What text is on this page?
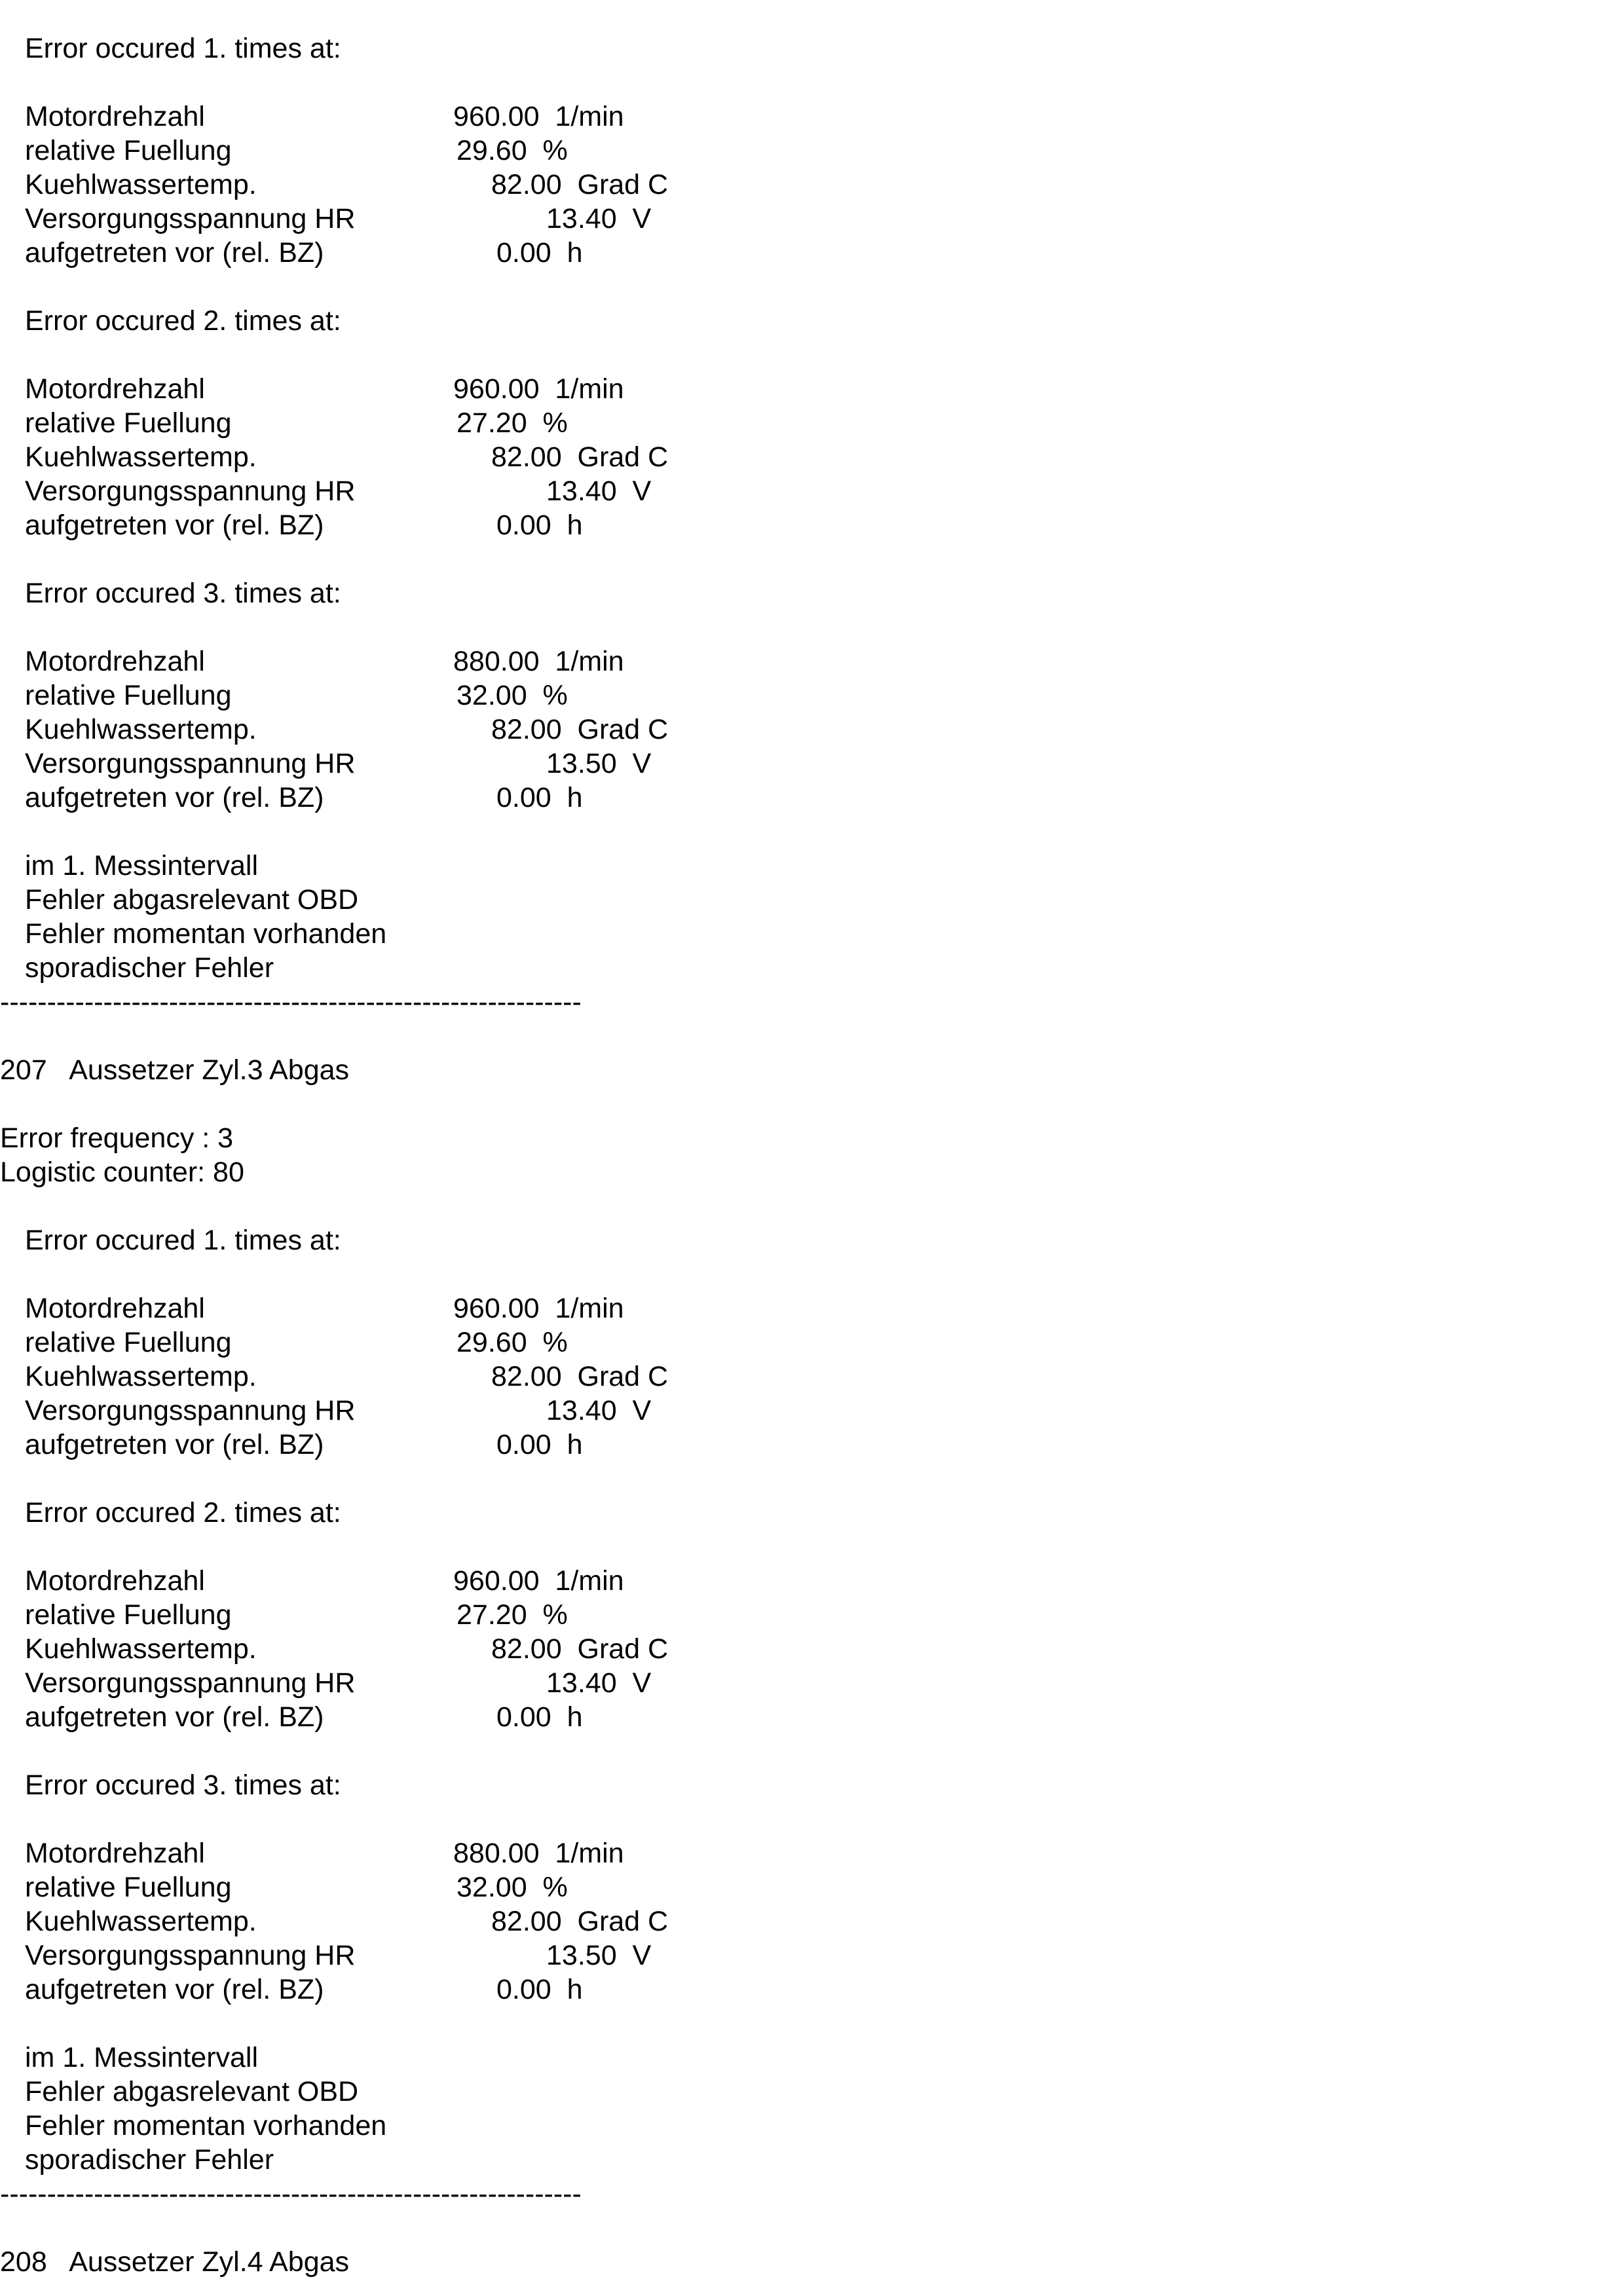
Error occured 1. times at:
Motordrehzahl	960.00  1/min
relative Fuellung	29.60  %
Kuehlwassertemp.	82.00  Grad C
Versorgungsspannung HR	13.40  V
aufgetreten vor (rel. BZ)	0.00  h
Error occured 2. times at:
Motordrehzahl	960.00  1/min
relative Fuellung	27.20  %
Kuehlwassertemp.	82.00  Grad C
Versorgungsspannung HR	13.40  V
aufgetreten vor (rel. BZ)	0.00  h
Error occured 3. times at:
Motordrehzahl	880.00  1/min
relative Fuellung	32.00  %
Kuehlwassertemp.	82.00  Grad C
Versorgungsspannung HR	13.50  V
aufgetreten vor (rel. BZ)	0.00  h
im 1. Messintervall
Fehler abgasrelevant OBD
Fehler momentan vorhanden
sporadischer Fehler
--------------------------------------------------------------
207   Aussetzer Zyl.3 Abgas
Error frequency : 3
Logistic counter: 80
Error occured 1. times at:
Motordrehzahl	960.00  1/min
relative Fuellung	29.60  %
Kuehlwassertemp.	82.00  Grad C
Versorgungsspannung HR	13.40  V
aufgetreten vor (rel. BZ)	0.00  h
Error occured 2. times at:
Motordrehzahl	960.00  1/min
relative Fuellung	27.20  %
Kuehlwassertemp.	82.00  Grad C
Versorgungsspannung HR	13.40  V
aufgetreten vor (rel. BZ)	0.00  h
Error occured 3. times at:
Motordrehzahl	880.00  1/min
relative Fuellung	32.00  %
Kuehlwassertemp.	82.00  Grad C
Versorgungsspannung HR	13.50  V
aufgetreten vor (rel. BZ)	0.00  h
im 1. Messintervall
Fehler abgasrelevant OBD
Fehler momentan vorhanden
sporadischer Fehler
--------------------------------------------------------------
208   Aussetzer Zyl.4 Abgas
